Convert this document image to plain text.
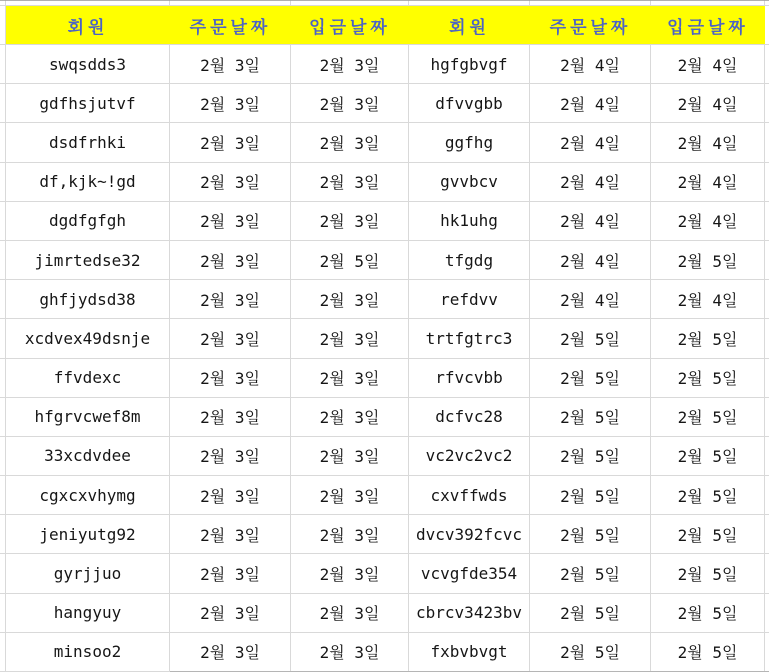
회원	주문날짜	입금날짜	회원	주문날짜	입금날짜
swqsdds3	2월 3일	2월 3일	hgfgbvgf	2월 4일	2월 4일
gdfhsjutvf	2월 3일	2월 3일	dfvvgbb	2월 4일	2월 4일
dsdfrhki	2월 3일	2월 3일	ggfhg	2월 4일	2월 4일
df,kjk~!gd	2월 3일	2월 3일	gvvbcv	2월 4일	2월 4일
dgdfgfgh	2월 3일	2월 3일	hk1uhg	2월 4일	2월 4일
jimrtedse32	2월 3일	2월 5일	tfgdg	2월 4일	2월 5일
ghfjydsd38	2월 3일	2월 3일	refdvv	2월 4일	2월 4일
xcdvex49dsnje	2월 3일	2월 3일	trtfgtrc3	2월 5일	2월 5일
ffvdexc	2월 3일	2월 3일	rfvcvbb	2월 5일	2월 5일
hfgrvcwef8m	2월 3일	2월 3일	dcfvc28	2월 5일	2월 5일
33xcdvdee	2월 3일	2월 3일	vc2vc2vc2	2월 5일	2월 5일
cgxcxvhymg	2월 3일	2월 3일	cxvffwds	2월 5일	2월 5일
jeniyutg92	2월 3일	2월 3일	dvcv392fcvc	2월 5일	2월 5일
gyrjjuo	2월 3일	2월 3일	vcvgfde354	2월 5일	2월 5일
hangyuy	2월 3일	2월 3일	cbrcv3423bv	2월 5일	2월 5일
minsoo2	2월 3일	2월 3일	fxbvbvgt	2월 5일	2월 5일
